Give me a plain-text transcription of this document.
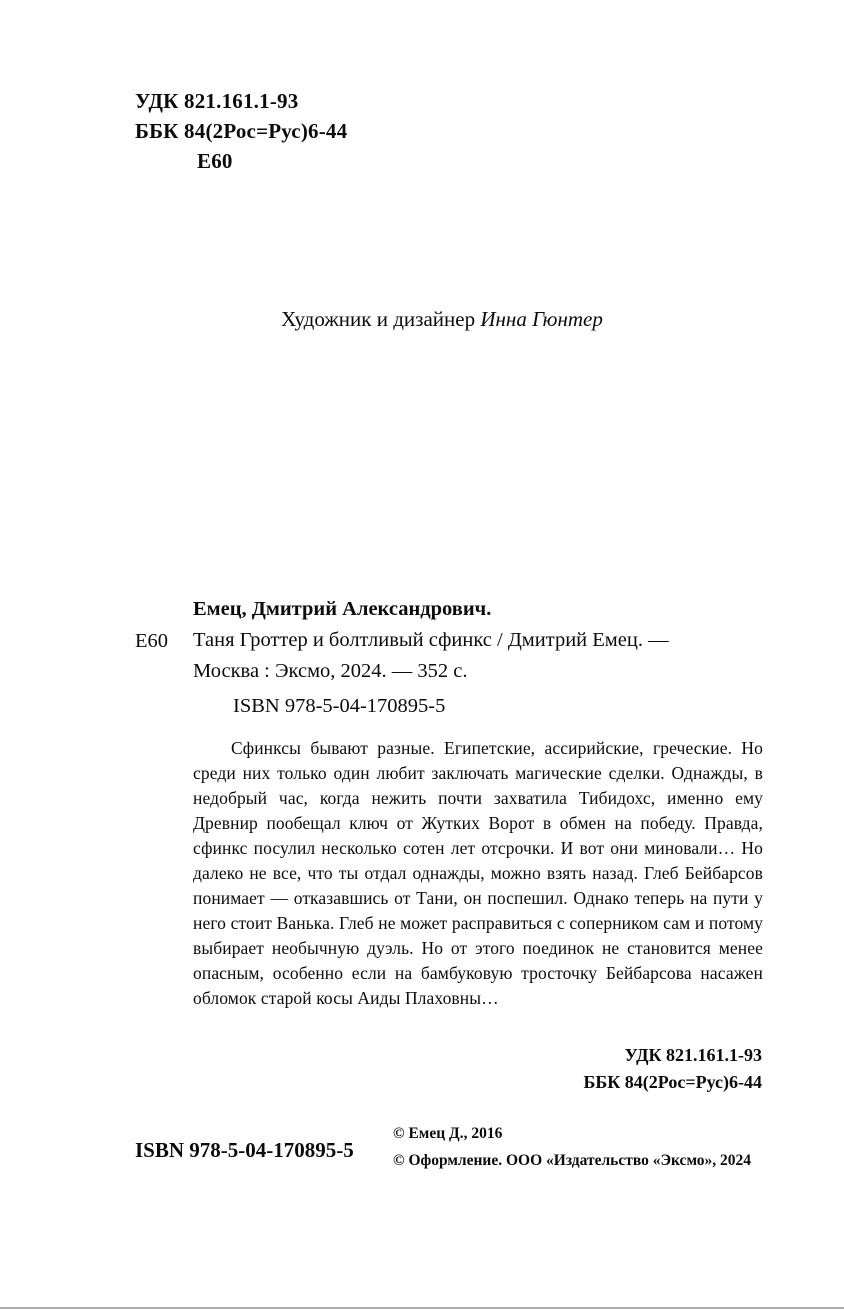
УДК 821.161.1-93
ББК 84(2Рос=Рус)6-44
Е60
Художник и дизайнер Инна Гюнтер
Е60
Емец, Дмитрий Александрович.
Таня Гроттер и болтливый сфинкс / Дмитрий Емец. —
Москва : Эксмо, 2024. — 352 с.
ISBN 978-5-04-170895-5

Сфинксы бывают разные. Египетские, ассирийские, греческие. Но среди них только один любит заключать магические сделки. Однажды, в недобрый час, когда нежить почти захватила Тибидохс, именно ему Древнир пообещал ключ от Жутких Ворот в обмен на победу. Правда, сфинкс посулил несколько сотен лет отсрочки. И вот они миновали… Но далеко не все, что ты отдал однажды, можно взять назад. Глеб Бейбарсов понимает — отказавшись от Тани, он поспешил. Однако теперь на пути у него стоит Ванька. Глеб не может расправиться с соперником сам и потому выбирает необычную дуэль. Но от этого поединок не становится менее опасным, особенно если на бамбуковую тросточку Бейбарсова насажен обломок старой косы Аиды Плаховны…

УДК 821.161.1-93
ББК 84(2Рос=Рус)6-44
ISBN 978-5-04-170895-5
© Емец Д., 2016
© Оформление. ООО «Издательство «Эксмо», 2024
